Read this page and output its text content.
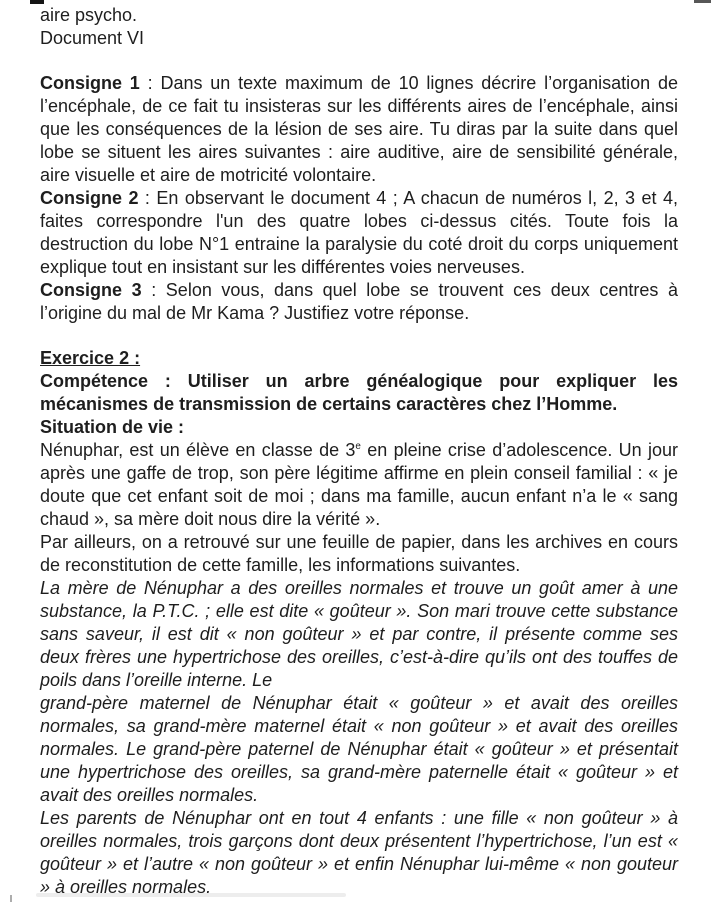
aire psycho.

Document VI

Consigne 1 : Dans un texte maximum de 10 lignes décrire l’organisation de l’encéphale, de ce fait tu insisteras sur les différents aires de l’encéphale, ainsi que les conséquences de la lésion de ses aire. Tu diras par la suite dans quel lobe se situent les aires suivantes : aire auditive, aire de sensibilité générale, aire visuelle et aire de motricité volontaire.

Consigne 2 : En observant le document 4 ; A chacun de numéros l, 2, 3 et 4, faites correspondre l'un des quatre lobes ci-dessus cités. Toute fois la destruction du lobe N°1 entraine la paralysie du coté droit du corps uniquement explique tout en insistant sur les différentes voies nerveuses.

Consigne 3 : Selon vous, dans quel lobe se trouvent ces deux centres à l’origine du mal de Mr Kama ? Justifiez votre réponse.

Exercice 2 :

Compétence : Utiliser un arbre généalogique pour expliquer les mécanismes de transmission de certains caractères chez l’Homme.

Situation de vie :

Nénuphar, est un élève en classe de 3e en pleine crise d’adolescence. Un jour après une gaffe de trop, son père légitime affirme en plein conseil familial : « je doute que cet enfant soit de moi ; dans ma famille, aucun enfant n’a le « sang chaud », sa mère doit nous dire la vérité ».

Par ailleurs, on a retrouvé sur une feuille de papier, dans les archives en cours de reconstitution de cette famille, les informations suivantes.

La mère de Nénuphar a des oreilles normales et trouve un goût amer à une substance, la P.T.C. ; elle est dite « goûteur ». Son mari trouve cette substance sans saveur, il est dit « non goûteur » et par contre, il présente comme ses deux frères une hypertrichose des oreilles, c’est-à-dire qu’ils ont des touffes de poils dans l’oreille interne. Le

grand-père maternel de Nénuphar était « goûteur » et avait des oreilles normales, sa grand-mère maternel était « non goûteur » et avait des oreilles normales. Le grand-père paternel de Nénuphar était « goûteur » et présentait une hypertrichose des oreilles, sa grand-mère paternelle était « goûteur » et avait des oreilles normales.

Les parents de Nénuphar ont en tout 4 enfants : une fille « non goûteur » à oreilles normales, trois garçons dont deux présentent l’hypertrichose, l’un est « goûteur » et l’autre « non goûteur » et enfin Nénuphar lui-même « non gouteur » à oreilles normales.
